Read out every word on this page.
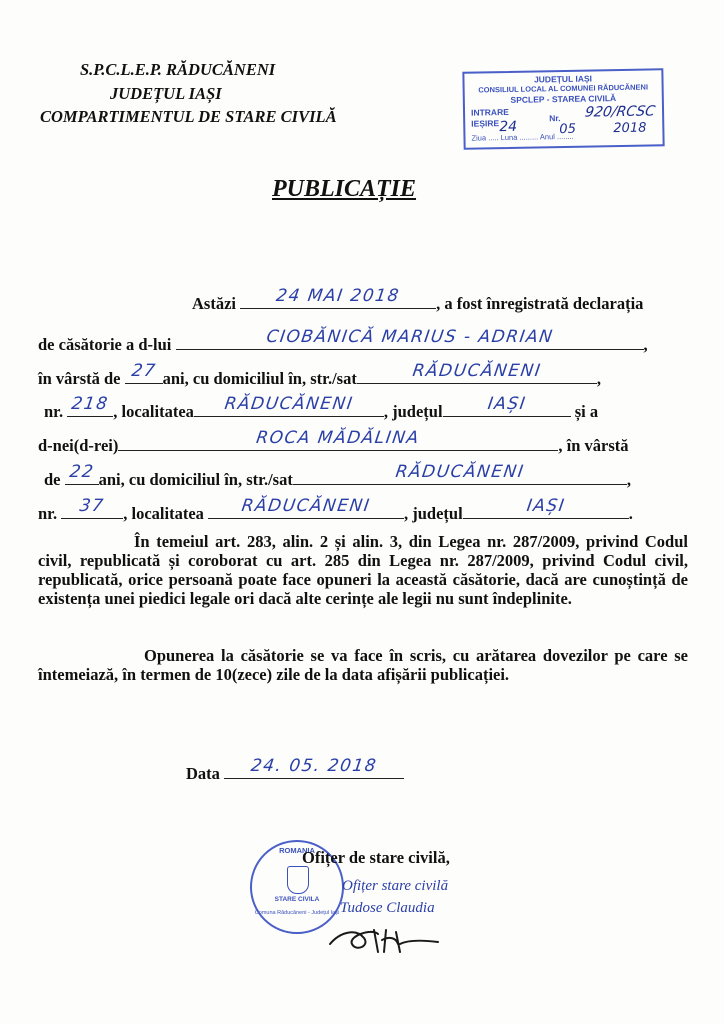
S.P.C.L.E.P. RĂDUCĂNENI
JUDEȚUL IAȘI
COMPARTIMENTUL DE STARE CIVILĂ
JUDEȚUL IAȘI
CONSILIUL LOCAL AL COMUNEI RĂDUCĂNENI
SPCLEP - STAREA CIVILĂ
INTRARE
IEȘIRE	Nr. 920/RCSC
24	05	2018
Ziua ..... Luna ......... Anul ........
PUBLICAȚIE
Astăzi	24 MAI 2018	, a fost înregistrată declarația
de căsătorie a d-lui	CIOBĂNICĂ MARIUS - ADRIAN	,
în vârstă de 27 ani, cu domiciliul în, str./sat	RĂDUCĂNENI	,
nr. 218 , localitatea	RĂDUCĂNENI	, județul	IAȘI	și a
d-nei(d-rei)	ROCA MĂDĂLINA	, în vârstă
de 22 ani, cu domiciliul în, str./sat	RĂDUCĂNENI	,
nr.	37	, localitatea	RĂDUCĂNENI	, județul	IAȘI	.
În temeiul art. 283, alin. 2 și alin. 3, din Legea nr. 287/2009, privind Codul civil, republicată și coroborat cu art. 285 din Legea nr. 287/2009, privind Codul civil, republicată, orice persoană poate face opuneri la această căsătorie, dacă are cunoștință de existența unei piedici legale ori dacă alte cerințe ale legii nu sunt îndeplinite.
Opunerea la căsătorie se va face în scris, cu arătarea dovezilor pe care se întemeiază, în termen de 10(zece) zile de la data afișării publicației.
Data	24. 05. 2018
ROMANIA
STARE CIVILA
Comuna Răducăneni - Județul Iași
Ofițer de stare civilă,
Ofițer stare civilă
Tudose Claudia
